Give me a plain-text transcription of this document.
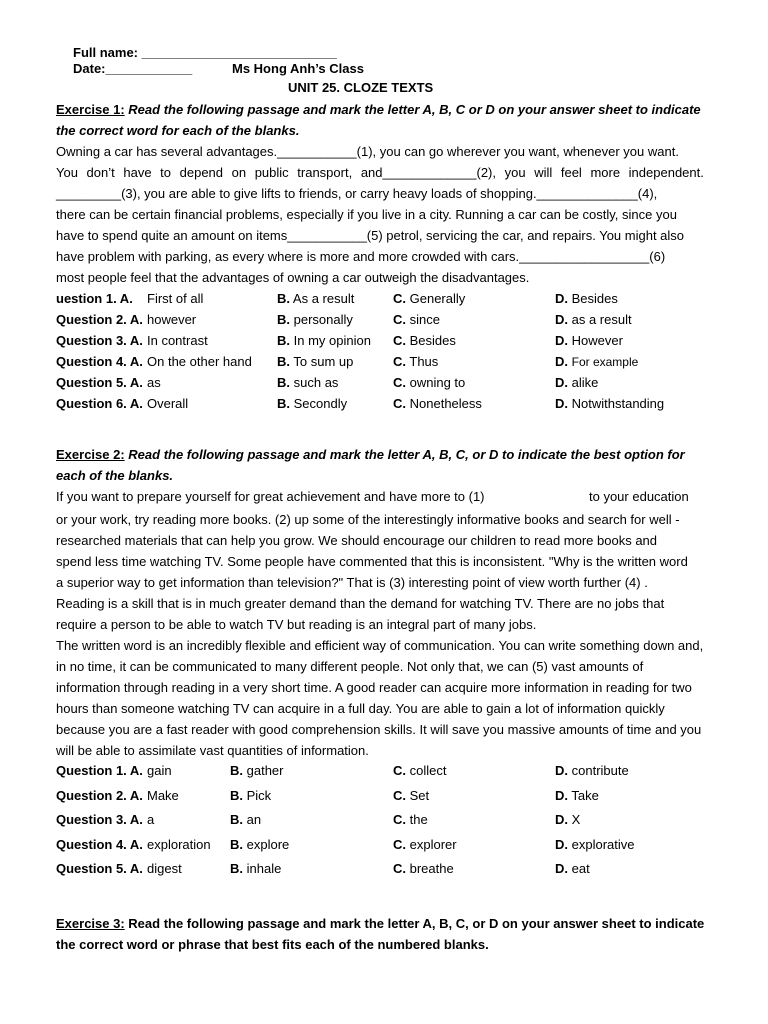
Full name: ___________________________
Date:____________	Ms Hong Anh’s Class
UNIT 25. CLOZE TEXTS
Exercise 1: Read the following passage and mark the letter A, B, C or D on your answer sheet to indicate
the correct word for each of the blanks.
Owning a car has several advantages.___________(1), you can go wherever you want, whenever you want.
You don’t have to depend on public transport, and_____________(2), you will feel more independent.
_________(3), you are able to give lifts to friends, or carry heavy loads of shopping.______________(4),
there can be certain financial problems, especially if you live in a city. Running a car can be costly, since you
have to spend quite an amount on items___________(5) petrol, servicing the car, and repairs. You might also
have problem with parking, as every where is more and more crowded with cars.__________________(6)
most people feel that the advantages of owning a car outweigh the disadvantages.
uestion 1. A. First of all	B. As a result	C. Generally	D. Besides
Question 2. A. however	B. personally	C. since	D. as a result
Question 3. A. In contrast	B. In my opinion C. Besides	D. However
Question 4. A. On the other hand B. To sum up	C. Thus	D. For example
Question 5. A. as	B. such as	C. owning to	D. alike
Question 6. A. Overall	B. Secondly	C. Nonetheless	D. Notwithstanding
Exercise 2: Read the following passage and mark the letter A, B, C, or D to indicate the best option for
each of the blanks.
If you want to prepare yourself for great achievement and have more to (1)	to your education
or your work, try reading more books. (2) up some of the interestingly informative books and search for well -
researched materials that can help you grow. We should encourage our children to read more books and
spend less time watching TV. Some people have commented that this is inconsistent. "Why is the written word
a superior way to get information than television?" That is (3) interesting point of view worth further (4) .
Reading is a skill that is in much greater demand than the demand for watching TV. There are no jobs that
require a person to be able to watch TV but reading is an integral part of many jobs.
The written word is an incredibly flexible and efficient way of communication. You can write something down and,
in no time, it can be communicated to many different people. Not only that, we can (5) vast amounts of
information through reading in a very short time. A good reader can acquire more information in reading for two
hours than someone watching TV can acquire in a full day. You are able to gain a lot of information quickly
because you are a fast reader with good comprehension skills. It will save you massive amounts of time and you
will be able to assimilate vast quantities of information.
Question 1. A. gain	B. gather	C. collect	D. contribute
Question 2. A. Make	B. Pick	C. Set	D. Take
Question 3. A. a	B. an	C. the	D. X
Question 4. A. exploration B. explore	C. explorer	D. explorative
Question 5. A. digest	B. inhale	C. breathe	D. eat
Exercise 3: Read the following passage and mark the letter A, B, C, or D on your answer sheet to indicate
the correct word or phrase that best fits each of the numbered blanks.
